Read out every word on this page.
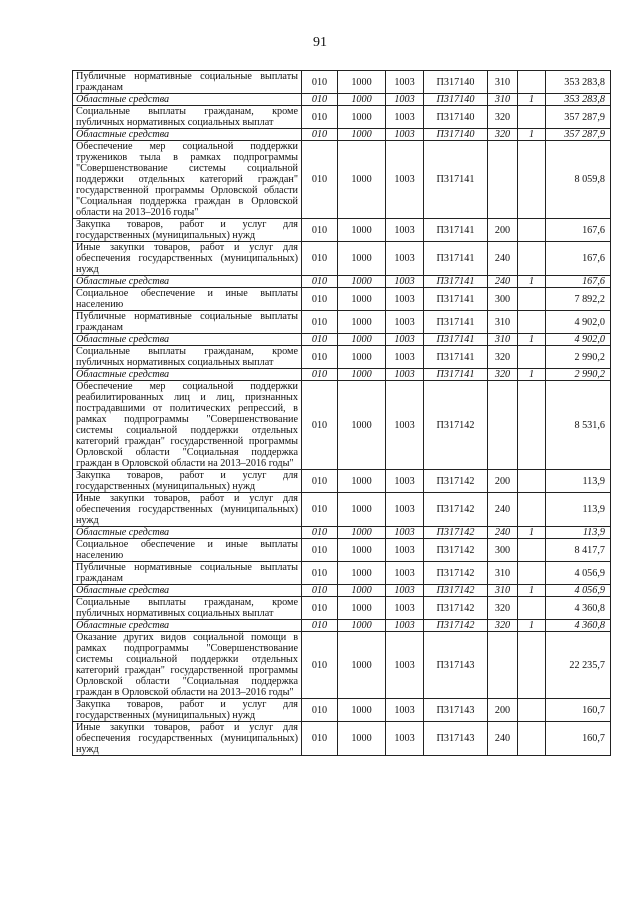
91
Публичные нормативные социальные выплаты гражданам	010	1000	1003	П317140	310		353 283,8
Областные средства	010	1000	1003	П317140	310	1	353 283,8
Социальные выплаты гражданам, кроме публичных нормативных социальных выплат	010	1000	1003	П317140	320		357 287,9
Областные средства	010	1000	1003	П317140	320	1	357 287,9
Обеспечение мер социальной поддержки тружеников тыла в рамках подпрограммы "Совершенствование системы социальной поддержки отдельных категорий граждан" государственной программы Орловской области "Социальная поддержка граждан в Орловской области на 2013–2016 годы"	010	1000	1003	П317141			8 059,8
Закупка товаров, работ и услуг для государственных (муниципальных) нужд	010	1000	1003	П317141	200		167,6
Иные закупки товаров, работ и услуг для обеспечения государственных (муниципальных) нужд	010	1000	1003	П317141	240		167,6
Областные средства	010	1000	1003	П317141	240	1	167,6
Социальное обеспечение и иные выплаты населению	010	1000	1003	П317141	300		7 892,2
Публичные нормативные социальные выплаты гражданам	010	1000	1003	П317141	310		4 902,0
Областные средства	010	1000	1003	П317141	310	1	4 902,0
Социальные выплаты гражданам, кроме публичных нормативных социальных выплат	010	1000	1003	П317141	320		2 990,2
Областные средства	010	1000	1003	П317141	320	1	2 990,2
Обеспечение мер социальной поддержки реабилитированных лиц и лиц, признанных пострадавшими от политических репрессий, в рамках подпрограммы "Совершенствование системы социальной поддержки отдельных категорий граждан" государственной программы Орловской области "Социальная поддержка граждан в Орловской области на 2013–2016 годы"	010	1000	1003	П317142			8 531,6
Закупка товаров, работ и услуг для государственных (муниципальных) нужд	010	1000	1003	П317142	200		113,9
Иные закупки товаров, работ и услуг для обеспечения государственных (муниципальных) нужд	010	1000	1003	П317142	240		113,9
Областные средства	010	1000	1003	П317142	240	1	113,9
Социальное обеспечение и иные выплаты населению	010	1000	1003	П317142	300		8 417,7
Публичные нормативные социальные выплаты гражданам	010	1000	1003	П317142	310		4 056,9
Областные средства	010	1000	1003	П317142	310	1	4 056,9
Социальные выплаты гражданам, кроме публичных нормативных социальных выплат	010	1000	1003	П317142	320		4 360,8
Областные средства	010	1000	1003	П317142	320	1	4 360,8
Оказание других видов социальной помощи в рамках подпрограммы "Совершенствование системы социальной поддержки отдельных категорий граждан" государственной программы Орловской области "Социальная поддержка граждан в Орловской области на 2013–2016 годы"	010	1000	1003	П317143			22 235,7
Закупка товаров, работ и услуг для государственных (муниципальных) нужд	010	1000	1003	П317143	200		160,7
Иные закупки товаров, работ и услуг для обеспечения государственных (муниципальных) нужд	010	1000	1003	П317143	240		160,7
